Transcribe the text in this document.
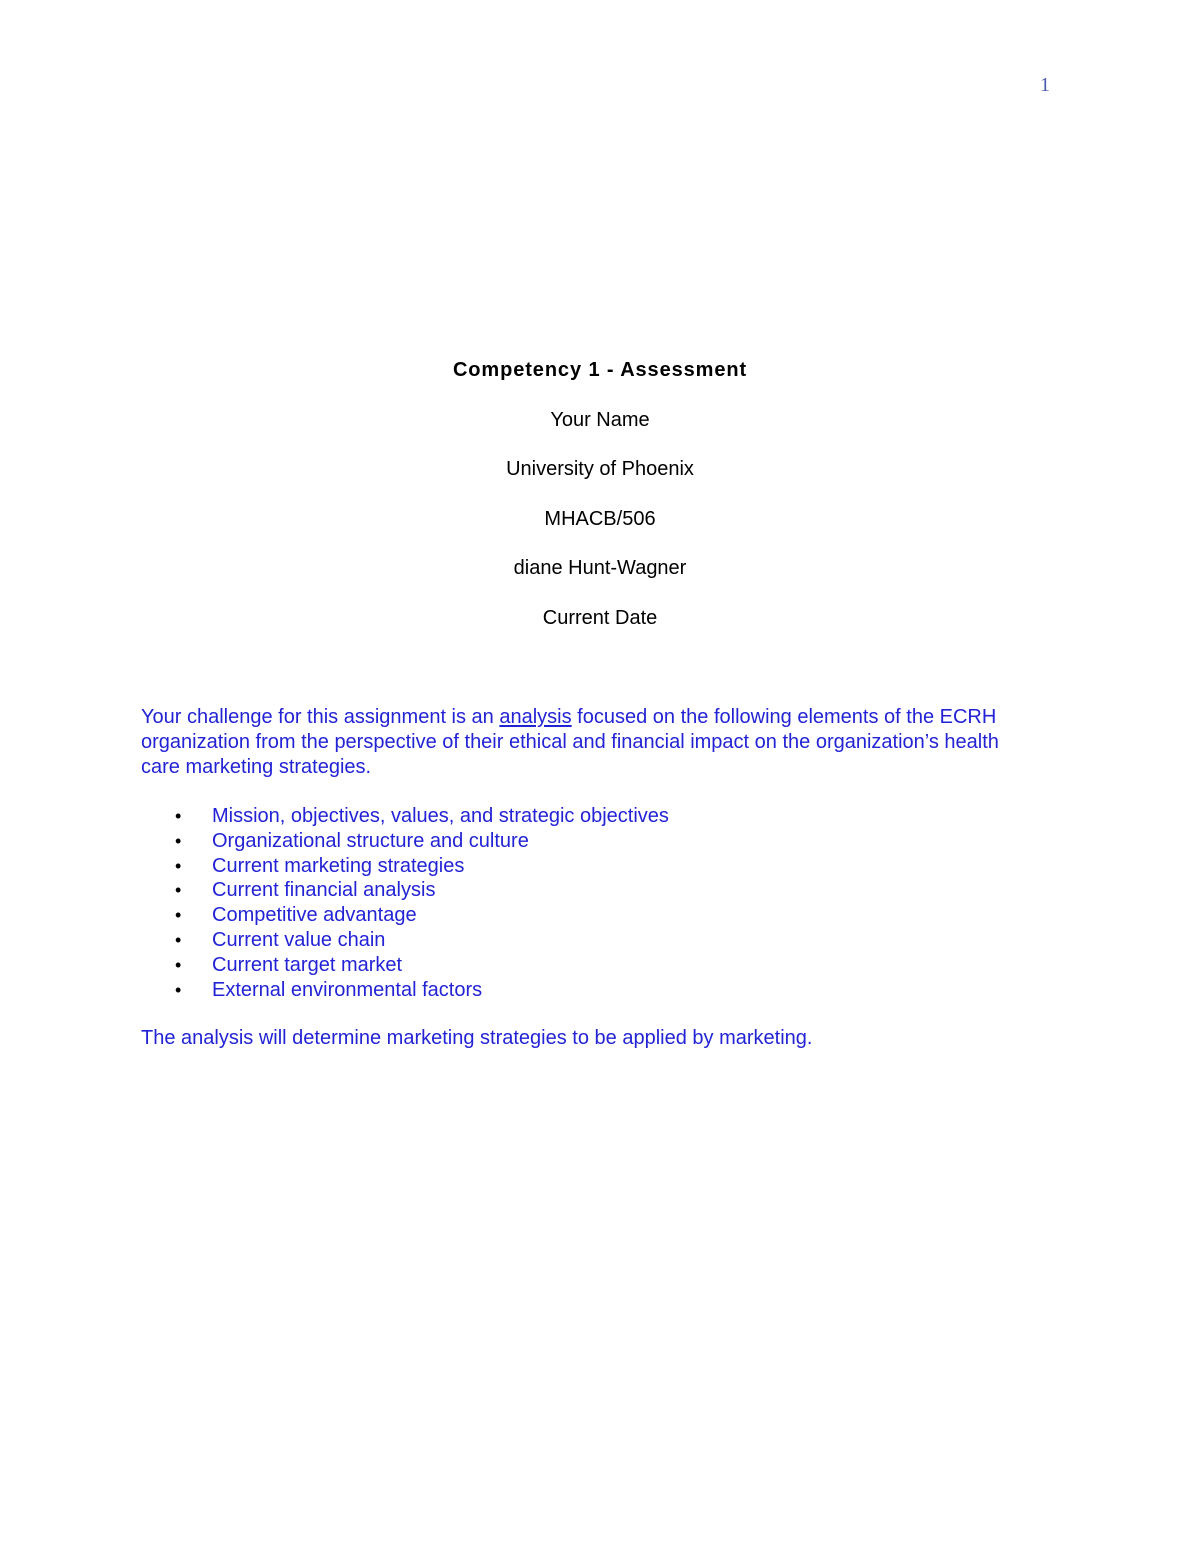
1
Competency 1 - Assessment
Your Name
University of Phoenix
MHACB/506
diane Hunt-Wagner
Current Date

Your challenge for this assignment is an analysis focused on the following elements of the ECRH organization from the perspective of their ethical and financial impact on the organization’s health care marketing strategies.

• Mission, objectives, values, and strategic objectives
• Organizational structure and culture
• Current marketing strategies
• Current financial analysis
• Competitive advantage
• Current value chain
• Current target market
• External environmental factors

The analysis will determine marketing strategies to be applied by marketing.
